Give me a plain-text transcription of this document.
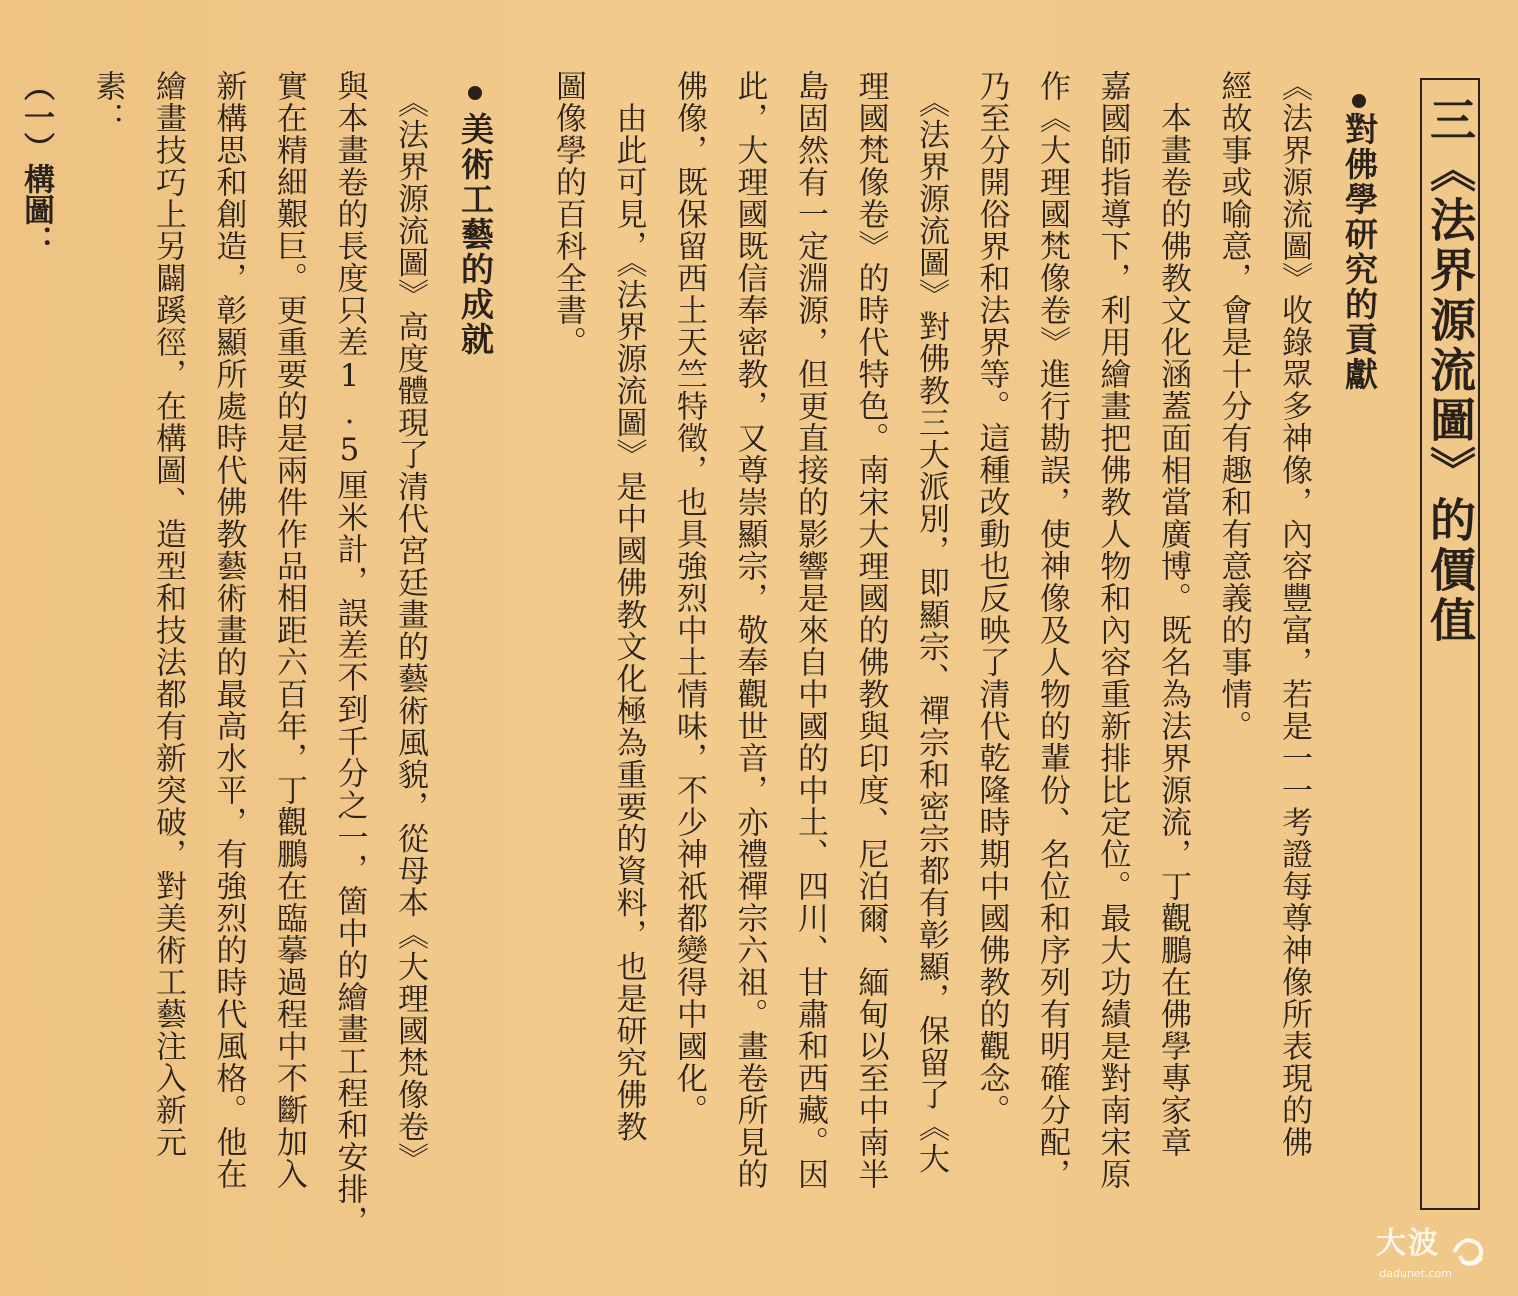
三《法界源流圖》的價值
對佛學研究的貢獻
《法界源流圖》收錄眾多神像，內容豐富，若是一一考證每尊神像所表現的佛
經故事或喻意，會是十分有趣和有意義的事情。
　本畫卷的佛教文化涵蓋面相當廣博。既名為法界源流，丁觀鵬在佛學專家章
嘉國師指導下，利用繪畫把佛教人物和內容重新排比定位。最大功績是對南宋原
作《大理國梵像卷》進行勘誤，使神像及人物的輩份、名位和序列有明確分配，
乃至分開俗界和法界等。這種改動也反映了清代乾隆時期中國佛教的觀念。
　《法界源流圖》對佛教三大派別，即顯宗、禪宗和密宗都有彰顯，保留了《大
理國梵像卷》的時代特色。南宋大理國的佛教與印度、尼泊爾、緬甸以至中南半
島固然有一定淵源，但更直接的影響是來自中國的中土、四川、甘肅和西藏。因
此，大理國既信奉密教，又尊崇顯宗，敬奉觀世音，亦禮禪宗六祖。畫卷所見的
佛像，既保留西土天竺特徵，也具強烈中土情味，不少神祇都變得中國化。
　由此可見，《法界源流圖》是中國佛教文化極為重要的資料，也是研究佛教
圖像學的百科全書。
美術工藝的成就
　《法界源流圖》高度體現了清代宮廷畫的藝術風貌，從母本《大理國梵像卷》
與本畫卷的長度只差1.5厘米計，誤差不到千分之一，箇中的繪畫工程和安排，
實在精細艱巨。更重要的是兩件作品相距六百年，丁觀鵬在臨摹過程中不斷加入
新構思和創造，彰顯所處時代佛教藝術畫的最高水平，有強烈的時代風格。他在
繪畫技巧上另闢蹊徑，在構圖、造型和技法都有新突破，對美術工藝注入新元
素：
（一）構圖：
大波
dadunet.com
